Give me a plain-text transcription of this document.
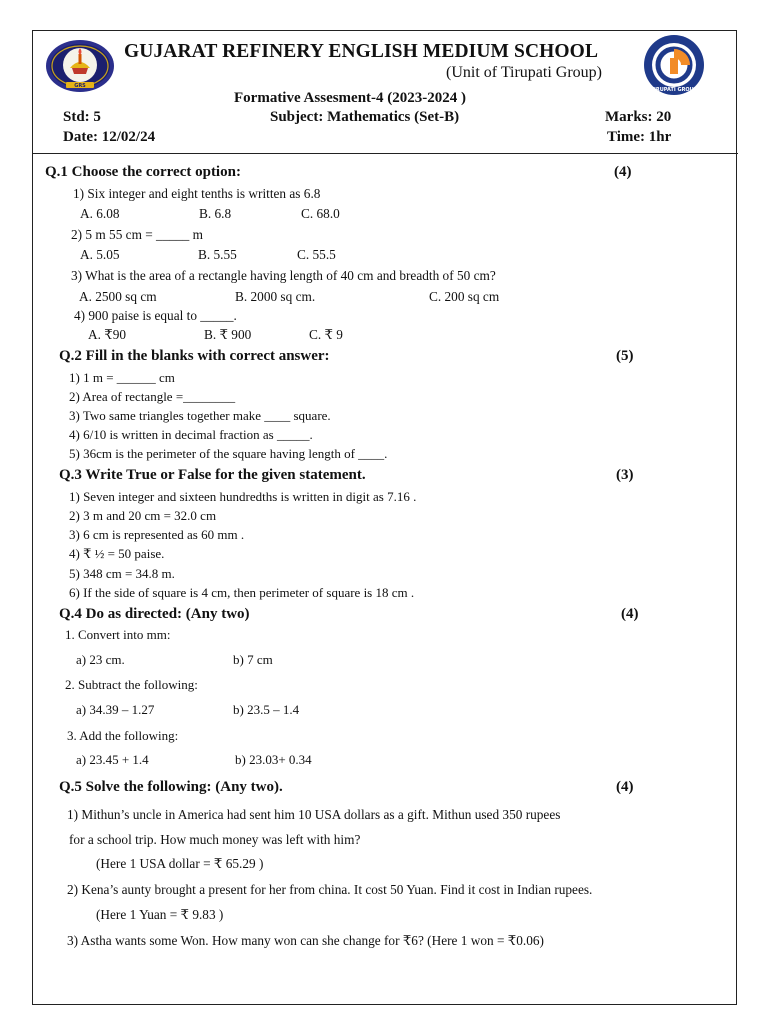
GRS
TIRUPATI GROUP
GUJARAT REFINERY ENGLISH MEDIUM SCHOOL
(Unit of Tirupati Group)
Formative Assesment-4 (2023-2024 )
Std: 5	Subject: Mathematics (Set-B)	Marks: 20
Date: 12/02/24	Time: 1hr
Q.1 Choose the correct option:	(4)
1) Six integer and eight tenths is written as 6.8
A. 6.08	B. 6.8	C. 68.0
2) 5 m 55 cm = _____ m
A. 5.05	B. 5.55	C. 55.5
3) What is the area of a rectangle having length of 40 cm and breadth of 50 cm?
A. 2500 sq cm	B. 2000 sq cm.	C. 200 sq cm
4) 900 paise is equal to _____.
A. ₹90	B. ₹ 900	C. ₹ 9
Q.2 Fill in the blanks with correct answer:	(5)
1) 1 m = ______ cm
2) Area of rectangle =________
3) Two same triangles together make ____ square.
4) 6/10 is written in decimal fraction as _____.
5) 36cm is the perimeter of the square having length of ____.
Q.3 Write True or False for the given statement.	(3)
1) Seven integer and sixteen hundredths is written in digit as 7.16 .
2) 3 m and 20 cm = 32.0 cm
3) 6 cm is represented as 60 mm .
4) ₹ ½ = 50 paise.
5) 348 cm = 34.8 m.
6) If the side of square is 4 cm, then perimeter of square is 18 cm .
Q.4 Do as directed: (Any two)	(4)
1. Convert into mm:
a) 23 cm.	b) 7 cm
2. Subtract the following:
a) 34.39 – 1.27	b) 23.5 – 1.4
3. Add the following:
a) 23.45 + 1.4	b) 23.03+ 0.34
Q.5 Solve the following: (Any two).	(4)
1) Mithun’s uncle in America had sent him 10 USA dollars as a gift. Mithun used 350 rupees
for a school trip. How much money was left with him?
(Here 1 USA dollar = ₹ 65.29 )
2) Kena’s aunty brought a present for her from china. It cost 50 Yuan. Find it cost in Indian rupees.
(Here 1 Yuan = ₹ 9.83 )
3) Astha wants some Won. How many won can she change for ₹6? (Here 1 won = ₹0.06)
